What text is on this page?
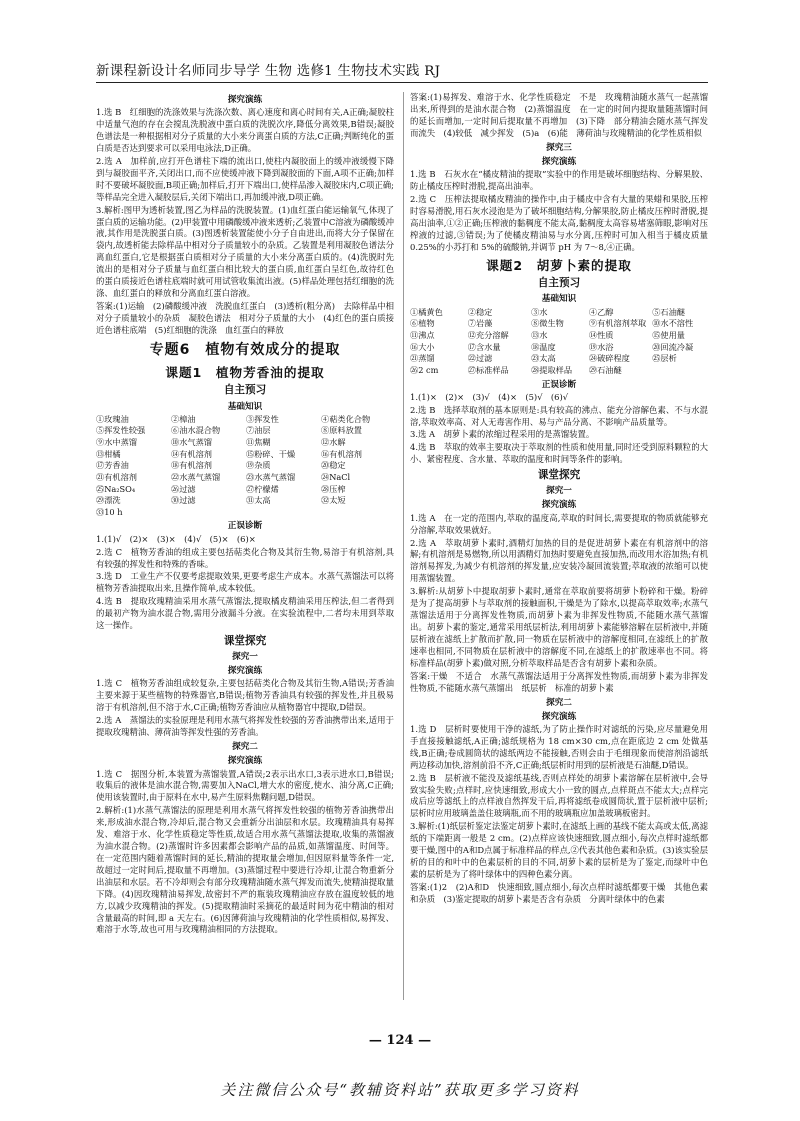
新课程新设计名师同步导学 生物 选修1 生物技术实践 RJ
探究演练
1.选 B　红细胞的洗涤效果与洗涤次数、离心速度和离心时间有关,A正确;凝胶柱中适量气泡的存在会搅乱洗脱液中蛋白质的洗脱次序,降低分离效果,B错误;凝胶色谱法是一种根据相对分子质量的大小来分离蛋白质的方法,C正确;判断纯化的蛋白质是否达到要求可以采用电泳法,D正确。
2.选 A　加样前,应打开色谱柱下端的流出口,使柱内凝胶面上的缓冲液缓慢下降到与凝胶面平齐,关闭出口,而不应使缓冲液下降到凝胶面的下面,A项不正确;加样时不要破坏凝胶面,B项正确;加样后,打开下端出口,使样品渗入凝胶床内,C项正确;等样品完全进入凝胶层后,关闭下端出口,再加缓冲液,D项正确。
3.解析:图甲为透析装置,图乙为样品的洗脱装置。(1)血红蛋白能运输氧气,体现了蛋白质的运输功能。(2)甲装置中用磷酸缓冲液来透析;乙装置中C溶液为磷酸缓冲液,其作用是洗脱蛋白质。(3)图透析装置能使小分子自由进出,而将大分子保留在袋内,故透析能去除样品中相对分子质量较小的杂质。乙装置是利用凝胶色谱法分离血红蛋白,它是根据蛋白质相对分子质量的大小来分离蛋白质的。(4)洗脱时先流出的是相对分子质量与血红蛋白相比较大的蛋白质,血红蛋白呈红色,故待红色的蛋白质接近色谱柱底端时就可用试管收集流出液。(5)样品处理包括红细胞的洗涤、血红蛋白的释放和分离血红蛋白溶液。
答案:(1)运输　(2)磷酸缓冲液　洗脱血红蛋白　(3)透析(粗分离)　去除样品中相对分子质量较小的杂质　凝胶色谱法　相对分子质量的大小　(4)红色的蛋白质接近色谱柱底端　(5)红细胞的洗涤　血红蛋白的释放
专题6　植物有效成分的提取
课题1　植物芳香油的提取
自主预习
基础知识
①玫瑰油	②樟油	③挥发性	④萜类化合物
⑤挥发性较强	⑥油水混合物	⑦油层	⑧原料放置
⑨水中蒸馏	⑩水气蒸馏	⑪焦糊	⑫水解
⑬柑橘	⑭有机溶剂	⑮粉碎、干燥	⑯有机溶剂
⑰芳香油	⑱有机溶剂	⑲杂质	⑳稳定
㉑有机溶剂	㉒水蒸气蒸馏	㉓水蒸气蒸馏	㉔NaCl
㉕Na₂SO₄	㉖过滤	㉗柠檬烯	㉘压榨
㉙漂洗	㉚过滤	㉛太高	㉜太短
㉝10 h
正误诊断
1.(1)√　(2)×　(3)×　(4)√　(5)×　(6)×
2.选 C　植物芳香油的组成主要包括萜类化合物及其衍生物,易溶于有机溶剂,具有较强的挥发性和特殊的香味。
3.选 D　工业生产不仅要考虑提取效果,更要考虑生产成本。水蒸气蒸馏法可以将植物芳香油提取出来,且操作简单,成本较低。
4.选 B　提取玫瑰精油采用水蒸气蒸馏法,提取橘皮精油采用压榨法,但二者得到的最初产物为油水混合物,需用分液漏斗分液。在实验流程中,二者均未用到萃取这一操作。
课堂探究
探究一
探究演练
1.选 C　植物芳香油组成较复杂,主要包括萜类化合物及其衍生物,A错误;芳香油主要来源于某些植物的特殊器官,B错误;植物芳香油具有较强的挥发性,并且极易溶于有机溶剂,但不溶于水,C正确;植物芳香油应从植物器官中提取,D错误。
2.选 A　蒸馏法的实验原理是利用水蒸气将挥发性较强的芳香油携带出来,适用于提取玫瑰精油、薄荷油等挥发性强的芳香油。
探究二
探究演练
1.选 C　据图分析,本装置为蒸馏装置,A错误;2表示出水口,3表示进水口,B错误;收集后的液体是油水混合物,需要加入NaCl,增大水的密度,使水、油分离,C正确;使用该装置时,由于原料在水中,易产生原料焦糊问题,D错误。
2.解析:(1)水蒸气蒸馏法的原理是利用水蒸气将挥发性较强的植物芳香油携带出来,形成油水混合物,冷却后,混合物又会重新分出油层和水层。玫瑰精油具有易挥发、难溶于水、化学性质稳定等性质,故适合用水蒸气蒸馏法提取,收集的蒸馏液为油水混合物。(2)蒸馏时许多因素都会影响产品的品质,如蒸馏温度、时间等。在一定范围内随着蒸馏时间的延长,精油的提取量会增加,但因原料量等条件一定,故超过一定时间后,提取量不再增加。(3)蒸馏过程中要进行冷却,让混合物重新分出油层和水层。若不冷却则会有部分玫瑰精油随水蒸气挥发而流失,使精油提取量下降。(4)因玫瑰精油易挥发,故密封不严的瓶装玫瑰精油应存放在温度较低的地方,以减少玫瑰精油的挥发。(5)提取精油时采摘花的最适时间为花中精油的相对含量最高的时间,即 a 天左右。(6)因薄荷油与玫瑰精油的化学性质相似,易挥发、难溶于水等,故也可用与玫瑰精油相同的方法提取。
答案:(1)易挥发、难溶于水、化学性质稳定　不是　玫瑰精油随水蒸气一起蒸馏出来,所得到的是油水混合物　(2)蒸馏温度　在一定的时间内提取量随蒸馏时间的延长而增加,一定时间后提取量不再增加　(3)下降　部分精油会随水蒸气挥发而流失　(4)较低　减少挥发　(5)a　(6)能　薄荷油与玫瑰精油的化学性质相似
探究三
探究演练
1.选 B　石灰水在“橘皮精油的提取”实验中的作用是破坏细胞结构、分解果胶、防止橘皮压榨时滑脱,提高出油率。
2.选 C　压榨法提取橘皮精油的操作中,由于橘皮中含有大量的果蜡和果胶,压榨时容易滑脱,用石灰水浸泡是为了破坏细胞结构,分解果胶,防止橘皮压榨时滑脱,提高出油率,①②正确;压榨液的黏稠度不能太高,黏稠度太高容易堵塞筛眼,影响对压榨液的过滤,③错误;为了使橘皮精油易与水分离,压榨时可加入相当于橘皮质量 0.25%的小苏打和 5%的硫酸钠,并调节 pH 为 7～8,④正确。
课题2　胡萝卜素的提取
自主预习
基础知识
①橘黄色	②稳定	③水	④乙醇	⑤石油醚
⑥植物	⑦岩藻	⑧微生物	⑨有机溶剂萃取 ⑩水不溶性
⑪沸点	⑫充分溶解	⑬水	⑭性质	⑮使用量
⑯大小	⑰含水量	⑱温度	⑲水浴	⑳回流冷凝
㉑蒸馏	㉒过滤	㉓太高	㉔破碎程度	㉕层析
㉖2 cm	㉗标准样品	㉘提取样品	㉙石油醚
正误诊断
1.(1)×　(2)×　(3)√　(4)×　(5)√　(6)√
2.选 B　选择萃取剂的基本原则是:具有较高的沸点、能充分溶解色素、不与水混溶,萃取效率高、对人无毒害作用、易与产品分离、不影响产品质量等。
3.选 A　胡萝卜素的浓缩过程采用的是蒸馏装置。
4.选 B　萃取的效率主要取决于萃取剂的性质和使用量,同时还受到原料颗粒的大小、紧密程度、含水量、萃取的温度和时间等条件的影响。
课堂探究
探究一
探究演练
1.选 A　在一定的范围内,萃取的温度高,萃取的时间长,需要提取的物质就能够充分溶解,萃取效果就好。
2.选 A　萃取胡萝卜素时,酒精灯加热的目的是促进胡萝卜素在有机溶剂中的溶解;有机溶剂是易燃物,所以用酒精灯加热时要避免直接加热,而改用水浴加热;有机溶剂易挥发,为减少有机溶剂的挥发量,应安装冷凝回流装置;萃取液的浓缩可以使用蒸馏装置。
3.解析:从胡萝卜中提取胡萝卜素时,通常在萃取前要将胡萝卜粉碎和干燥。粉碎是为了提高胡萝卜与萃取剂的接触面积,干燥是为了除水,以提高萃取效率;水蒸气蒸馏法适用于分离挥发性物质,而胡萝卜素为非挥发性物质,不能随水蒸气蒸馏出。胡萝卜素的鉴定,通常采用纸层析法,利用胡萝卜素能够溶解在层析液中,并随层析液在滤纸上扩散而扩散,同一物质在层析液中的溶解度相同,在滤纸上的扩散速率也相同,不同物质在层析液中的溶解度不同,在滤纸上的扩散速率也不同。将标准样品(胡萝卜素)做对照,分析萃取样品是否含有胡萝卜素和杂质。
答案:干燥　不适合　水蒸气蒸馏法适用于分离挥发性物质,而胡萝卜素为非挥发性物质,不能随水蒸气蒸馏出　纸层析　标准的胡萝卜素
探究二
探究演练
1.选 D　层析时要使用干净的滤纸,为了防止操作时对滤纸的污染,应尽量避免用手直接接触滤纸,A正确;滤纸规格为 18 cm×30 cm,点在距底边 2 cm 处做基线,B正确;卷成圆筒状的滤纸两边不能接触,否则会由于毛细现象而使溶剂沿滤纸两边移动加快,溶剂前沿不齐,C正确;纸层析时用到的层析液是石油醚,D错误。
2.选 B　层析液不能没及滤纸基线,否则点样处的胡萝卜素溶解在层析液中,会导致实验失败;点样时,应快速细致,形成大小一致的圆点,点样斑点不能太大;点样完成后应等滤纸上的点样液自然挥发干后,再将滤纸卷成圆筒状,置于层析液中层析;层析时应用玻璃盖盖住玻璃瓶,而不用的玻璃瓶应加盖玻璃板密封。
3.解析:(1)纸层析鉴定法鉴定胡萝卜素时,在滤纸上画的基线不能太高或太低,离滤纸的下端距离一般是 2 cm。(2)点样应该快速细致,圆点细小,每次点样时滤纸都要干燥,图中的A和D点属于标准样品的样点,②代表其他色素和杂质。(3)该实验层析的目的和叶中的色素层析的目的不同,胡萝卜素的层析是为了鉴定,而绿叶中色素的层析是为了将叶绿体中的四种色素分离。
答案:(1)2　(2)A和D　快速细致,圆点细小,每次点样时滤纸都要干燥　其他色素和杂质　(3)鉴定提取的胡萝卜素是否含有杂质　分离叶绿体中的色素
— 124 —
关注微信公众号“教辅资料站”获取更多学习资料
